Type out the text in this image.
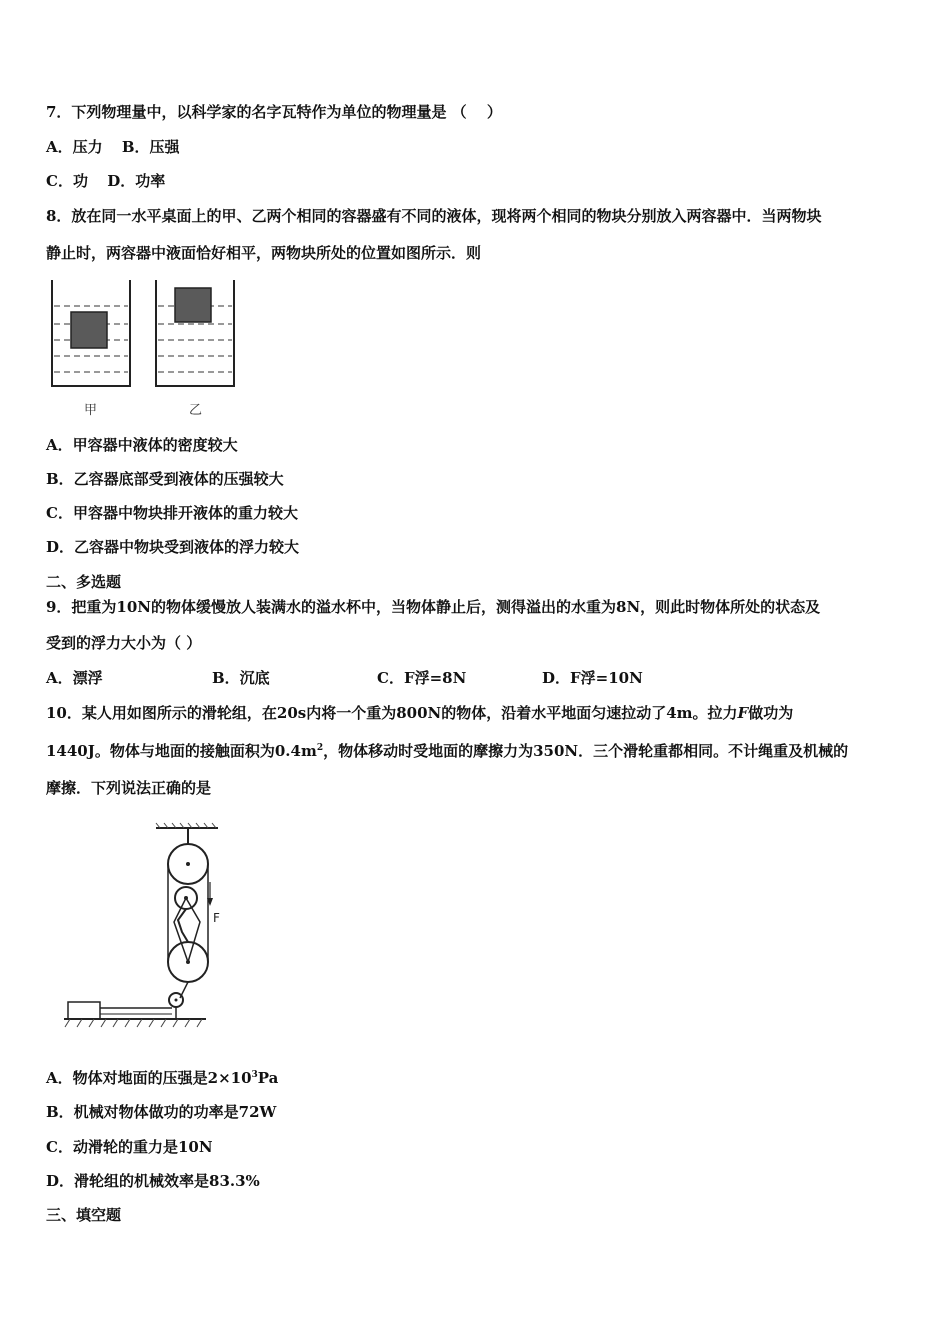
7．下列物理量中，以科学家的名字瓦特作为单位的物理量是 （　 ）
A．压力 B．压强
C．功 D．功率
8．放在同一水平桌面上的甲、乙两个相同的容器盛有不同的液体，现将两个相同的物块分别放入两容器中．当两物块
静止时，两容器中液面恰好相平，两物块所处的位置如图所示．则
甲	乙
A．甲容器中液体的密度较大
B．乙容器底部受到液体的压强较大
C．甲容器中物块排开液体的重力较大
D．乙容器中物块受到液体的浮力较大
二、多选题
9．把重为10N的物体缓慢放人装满水的溢水杯中，当物体静止后，测得溢出的水重为8N，则此时物体所处的状态及
受到的浮力大小为（ ）
A．漂浮	B．沉底	C．F浮=8N	D．F浮=10N
10．某人用如图所示的滑轮组，在20s内将一个重为800N的物体，沿着水平地面匀速拉动了4m。拉力F做功为
1440J。物体与地面的接触面积为$0.4m^2$，物体移动时受地面的摩擦力为350N．三个滑轮重都相同。不计绳重及机械的
摩擦．下列说法正确的是
F
A．物体对地面的压强是$2\times 10^3Pa$
B．机械对物体做功的功率是72W
C．动滑轮的重力是10N
D．滑轮组的机械效率是83.3%
三、填空题
